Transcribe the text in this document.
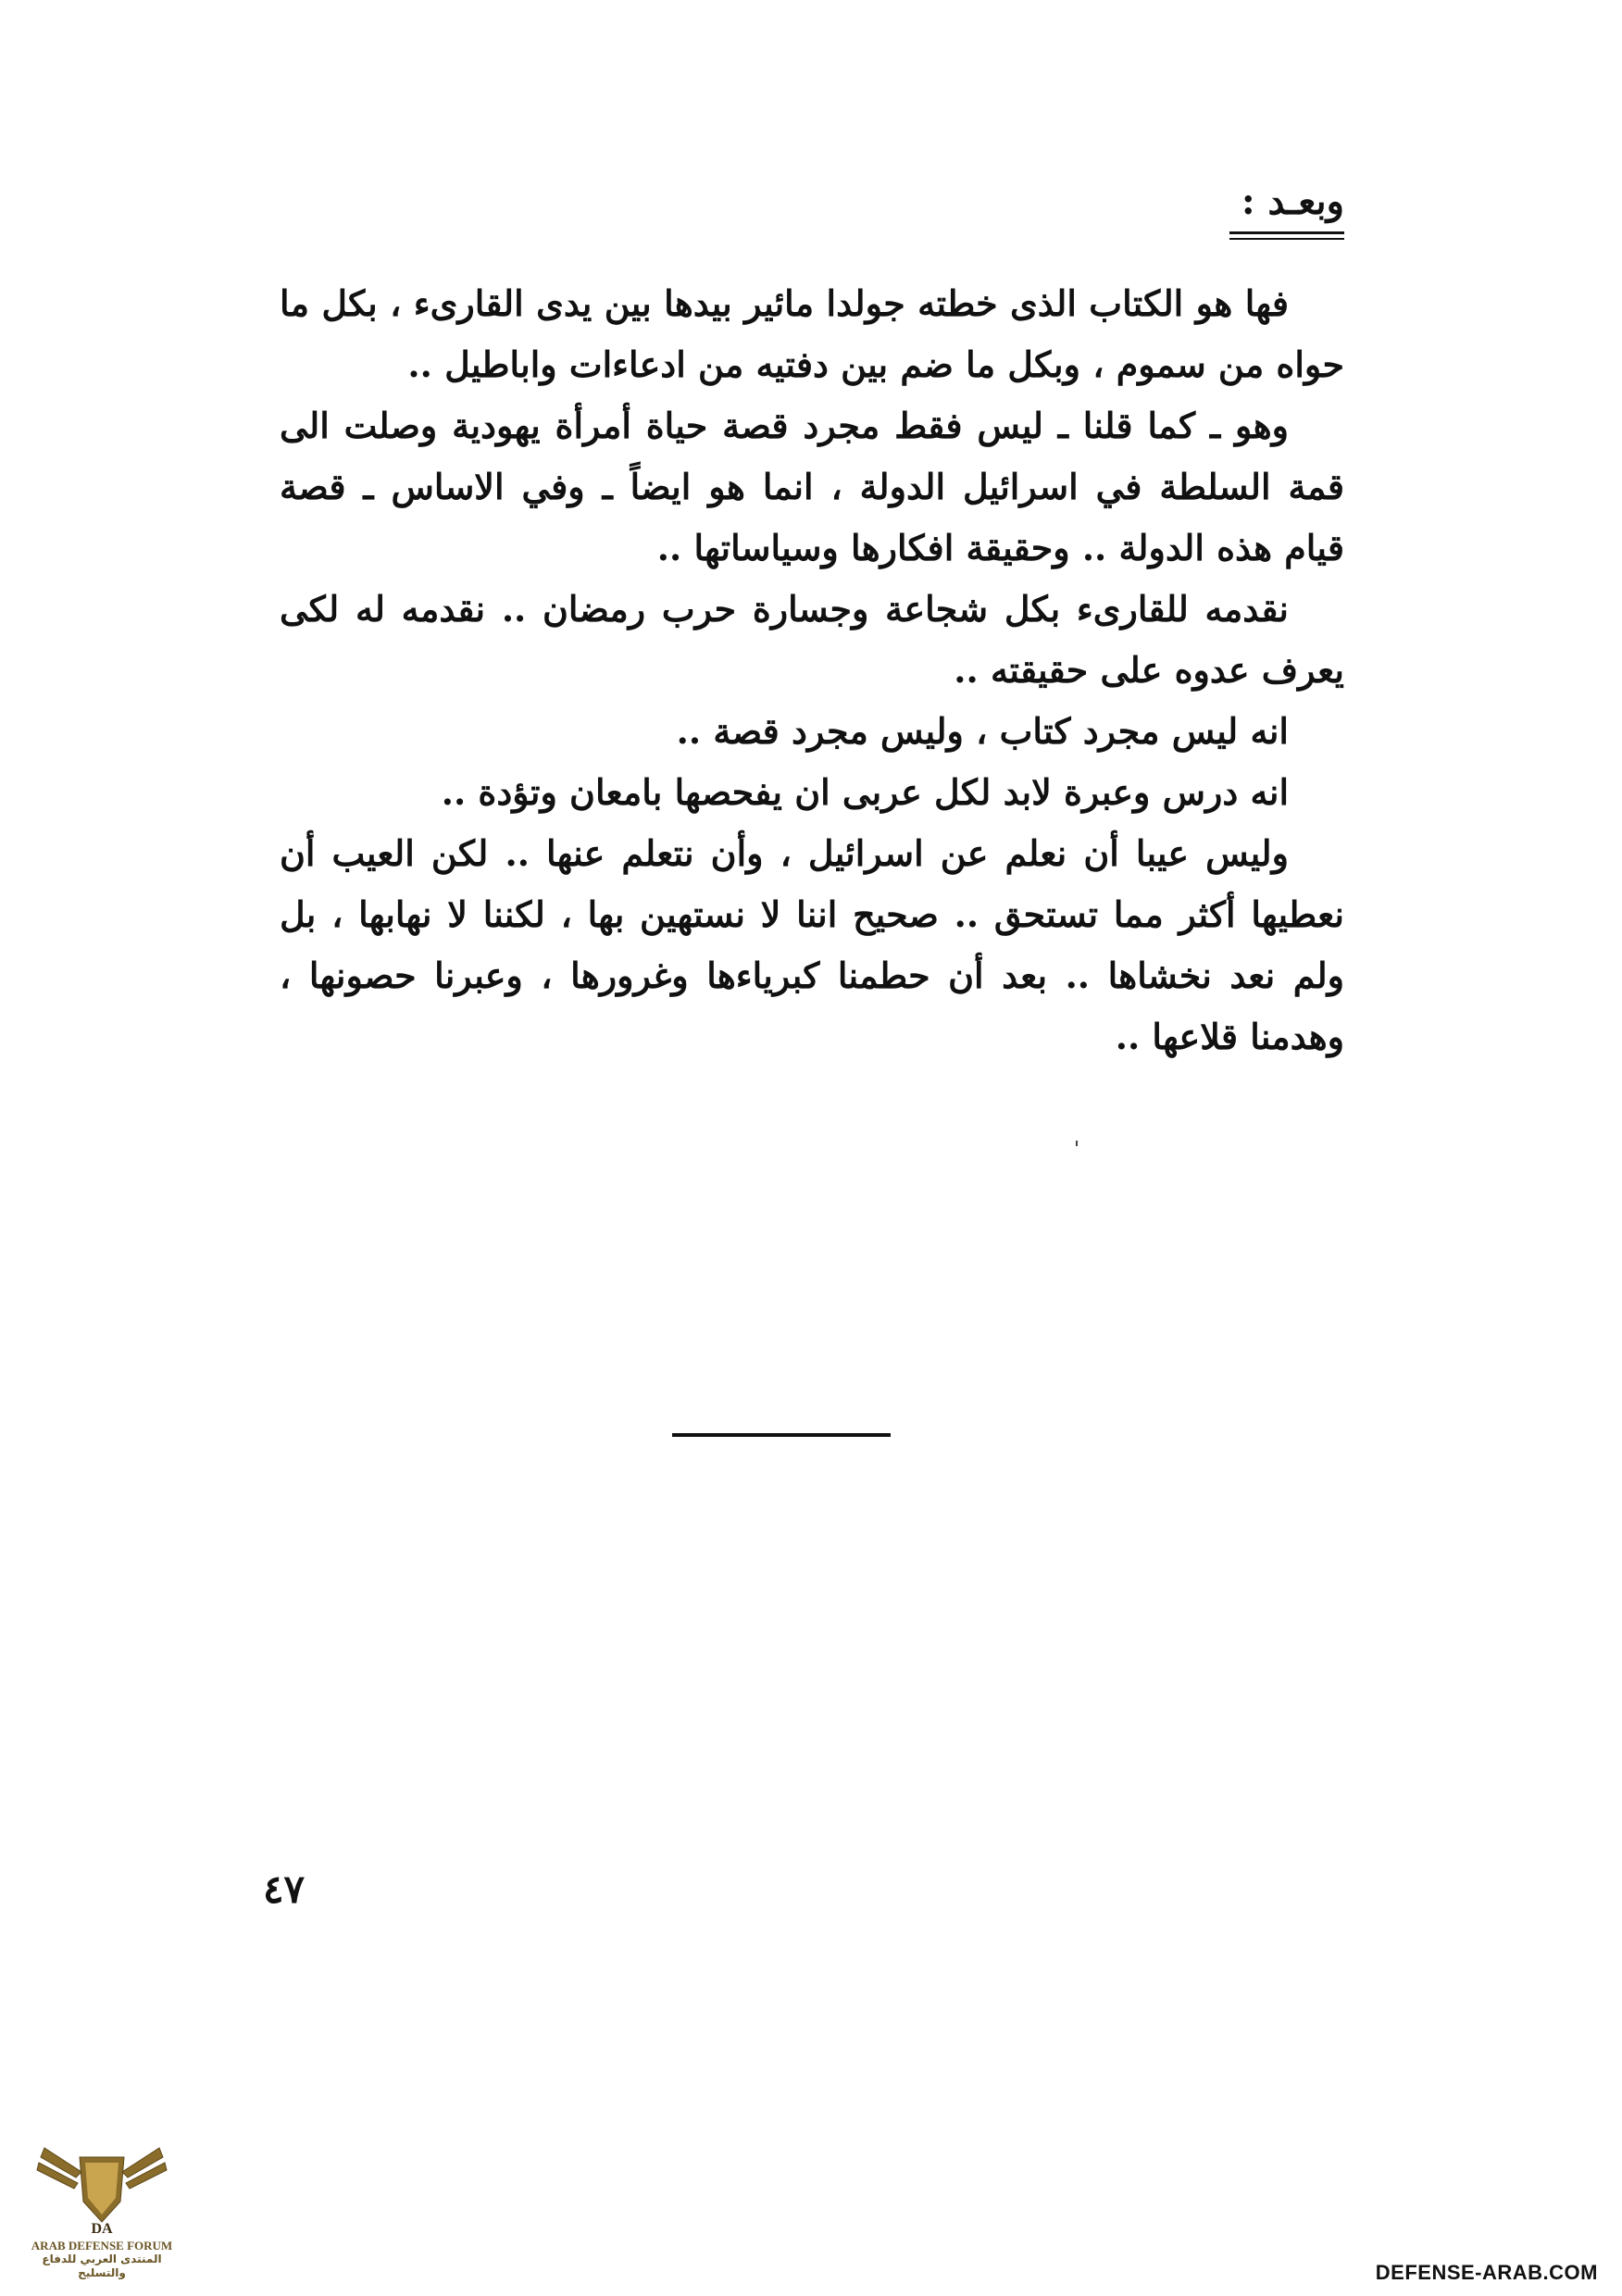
وبعـد :

فها هو الكتاب الذى خطته جولدا مائير بيدها بين يدى القارىء ، بكل ما حواه من سموم ، وبكل ما ضم بين دفتيه من ادعاءات واباطيل ..

وهو ـ كما قلنا ـ ليس فقط مجرد قصة حياة أمرأة يهودية وصلت الى قمة السلطة في اسرائيل الدولة ، انما هو ايضاً ـ وفي الاساس ـ قصة قيام هذه الدولة .. وحقيقة افكارها وسياساتها ..

نقدمه للقارىء بكل شجاعة وجسارة حرب رمضان .. نقدمه له لكى يعرف عدوه على حقيقته ..

انه ليس مجرد كتاب ، وليس مجرد قصة ..

انه درس وعبرة لابد لكل عربى ان يفحصها بامعان وتؤدة ..

وليس عيبا أن نعلم عن اسرائيل ، وأن نتعلم عنها .. لكن العيب أن نعطيها أكثر مما تستحق .. صحيح اننا لا نستهين بها ، لكننا لا نهابها ، بل ولم نعد نخشاها .. بعد أن حطمنا كبرياءها وغرورها ، وعبرنا حصونها ، وهدمنا قلاعها ..

٤٧
DA
ARAB DEFENSE FORUM
المنتدى العربي للدفاع والتسليح	DEFENSE-ARAB.COM
